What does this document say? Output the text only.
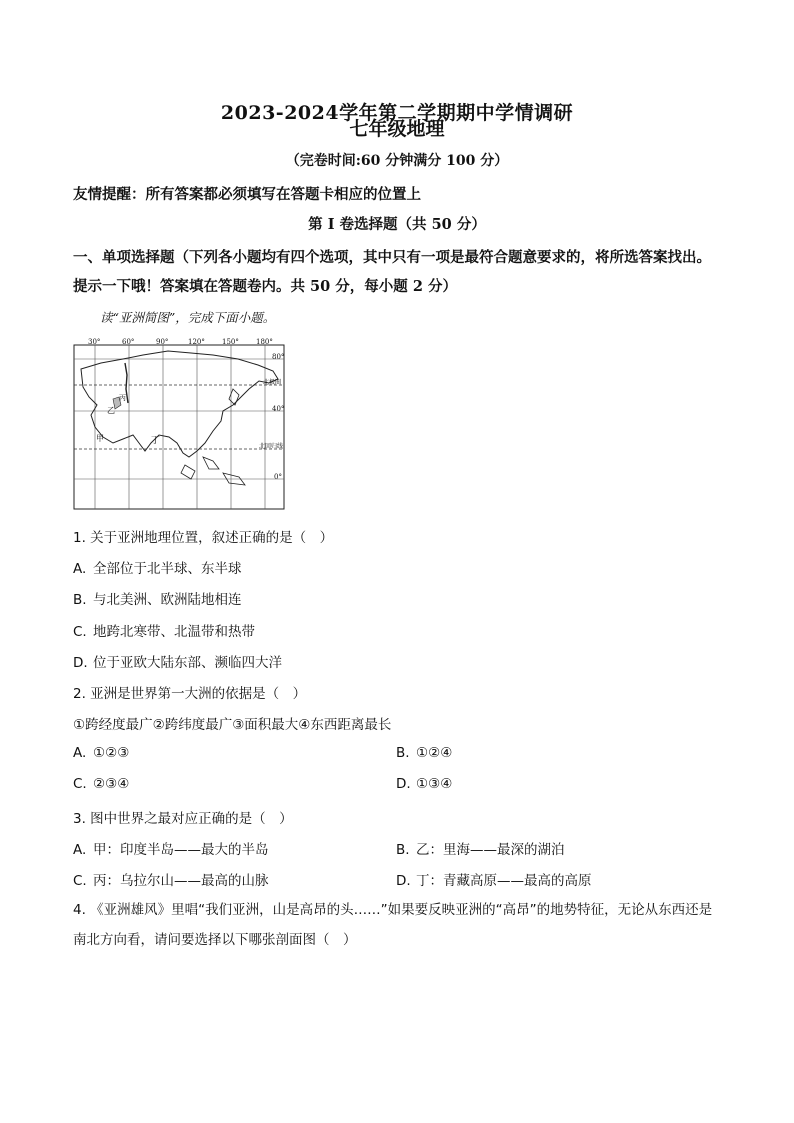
2023-2024学年第二学期期中学情调研
七年级地理
（完卷时间:60 分钟满分 100 分）
友情提醒：所有答案都必须填写在答题卡相应的位置上
第 I 卷选择题（共 50 分）
一、单项选择题（下列各小题均有四个选项，其中只有一项是最符合题意要求的，将所选答案找出。提示一下哦！答案填在答题卷内。共 50 分，每小题 2 分）
读“亚洲简图”，完成下面小题。
30°	60°	90°	120° 150° 180°
80°
40°
0°
北极圈
北回归线
甲
乙
丙
丁
1. 关于亚洲地理位置，叙述正确的是（　）
A. 全部位于北半球、东半球
B. 与北美洲、欧洲陆地相连
C. 地跨北寒带、北温带和热带
D. 位于亚欧大陆东部、濒临四大洋
2. 亚洲是世界第一大洲的依据是（　）
①跨经度最广②跨纬度最广③面积最大④东西距离最长
A. ①②③	B. ①②④
C. ②③④	D. ①③④
3. 图中世界之最对应正确的是（　）
A. 甲：印度半岛——最大的半岛	B. 乙：里海——最深的湖泊
C. 丙：乌拉尔山——最高的山脉	D. 丁：青藏高原——最高的高原
4. 《亚洲雄风》里唱“我们亚洲，山是高昂的头……”如果要反映亚洲的“高昂”的地势特征，无论从东西还是南北方向看，请问要选择以下哪张剖面图（　）
